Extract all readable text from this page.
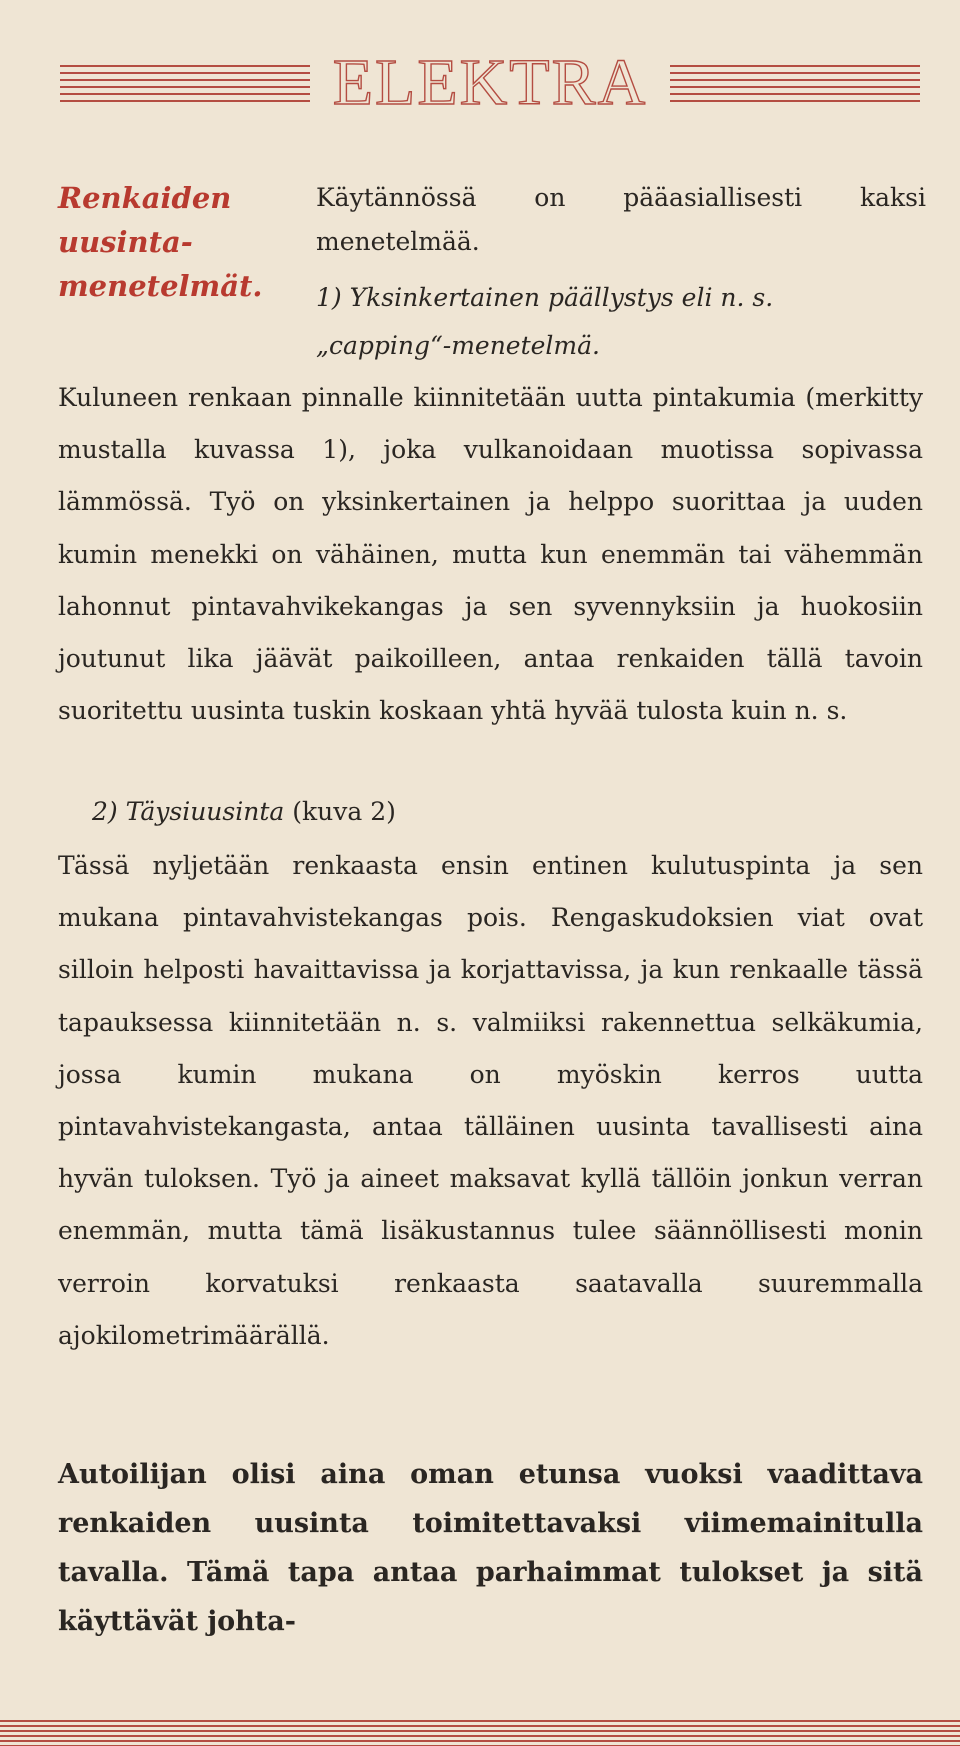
ELEKTRA
Renkaiden
uusinta-
menetelmät.

Käytännössä on pääasiallisesti kaksi menetelmää.

1) Yksinkertainen päällystys eli n. s.

„capping“-menetelmä.

Kuluneen renkaan pinnalle kiinnitetään uutta pintakumia (merkitty mustalla kuvassa 1), joka vulkanoidaan muotissa sopivassa lämmössä. Työ on yksinkertainen ja helppo suorittaa ja uuden kumin menekki on vähäinen, mutta kun enemmän tai vähemmän lahonnut pintavahvikekangas ja sen syvennyksiin ja huokosiin joutunut lika jäävät paikoilleen, antaa renkaiden tällä tavoin suoritettu uusinta tuskin koskaan yhtä hyvää tulosta kuin n. s.

2) Täysiuusinta (kuva 2)

Tässä nyljetään renkaasta ensin entinen kulutuspinta ja sen mukana pintavahvistekangas pois. Rengaskudoksien viat ovat silloin helposti havaittavissa ja korjattavissa, ja kun renkaalle tässä tapauksessa kiinnitetään n. s. valmiiksi rakennettua selkäkumia, jossa kumin mukana on myöskin kerros uutta pintavahvistekangasta, antaa tälläinen uusinta tavallisesti aina hyvän tuloksen. Työ ja aineet maksavat kyllä tällöin jonkun verran enemmän, mutta tämä lisäkustannus tulee säännöllisesti monin verroin korvatuksi renkaasta saatavalla suuremmalla ajokilometrimäärällä.

Autoilijan olisi aina oman etunsa vuoksi vaadittava renkaiden uusinta toimitettavaksi viimemainitulla tavalla. Tämä tapa antaa parhaimmat tulokset ja sitä käyttävät johta-
